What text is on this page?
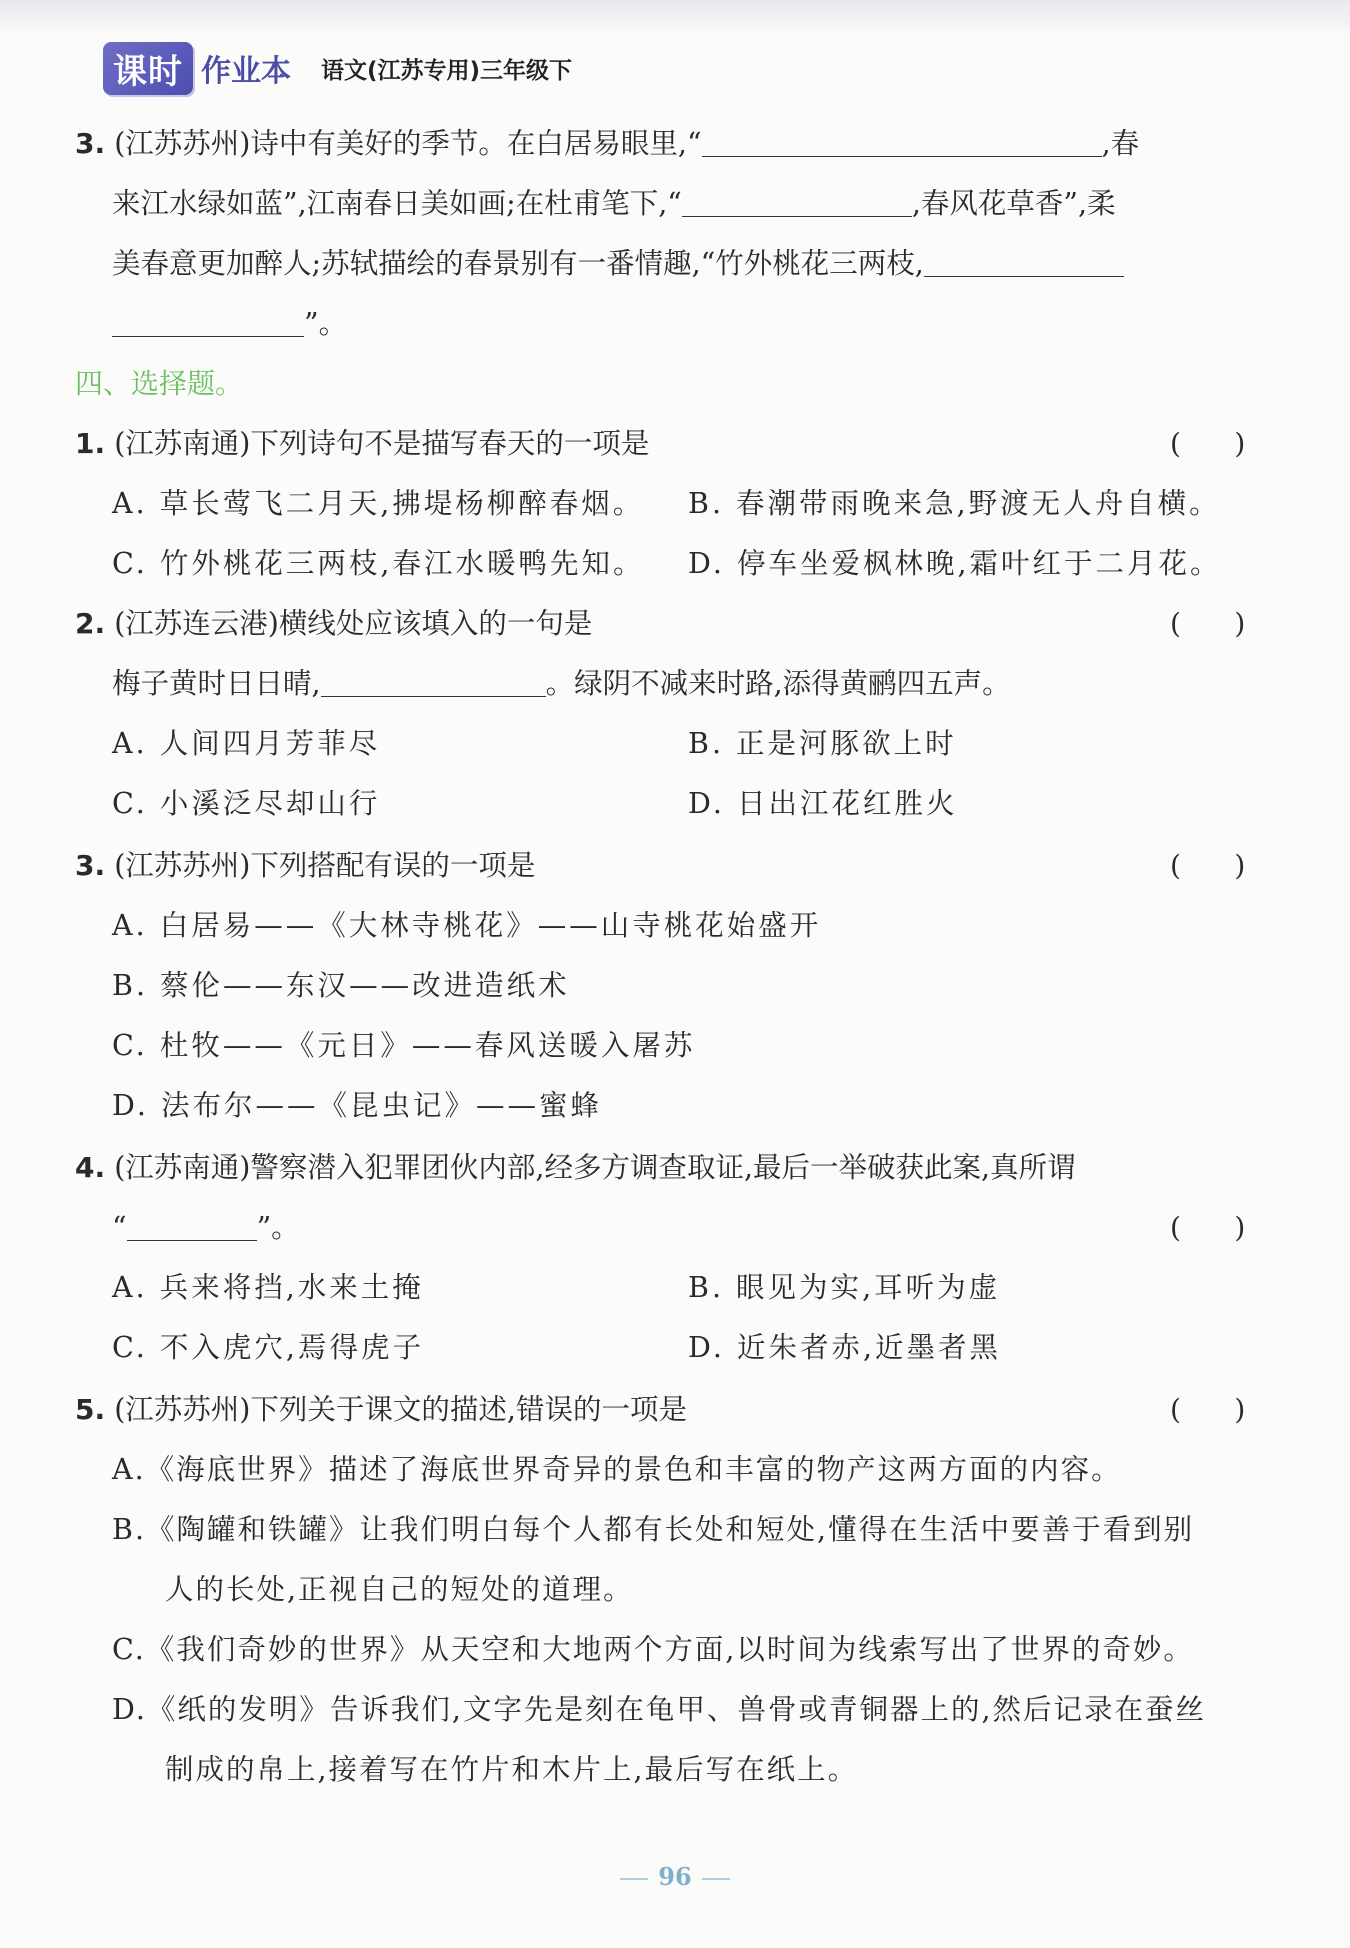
课时 作业本 语文(江苏专用)三年级下
3. (江苏苏州)诗中有美好的季节。在白居易眼里,“	,春
来江水绿如蓝”,江南春日美如画;在杜甫笔下,“	,春风花草香”,柔
美春意更加醉人;苏轼描绘的春景别有一番情趣,“竹外桃花三两枝,
”。
四、选择题。
1. (江苏南通)下列诗句不是描写春天的一项是	(      )
A. 草长莺飞二月天,拂堤杨柳醉春烟。 B. 春潮带雨晚来急,野渡无人舟自横。
C. 竹外桃花三两枝,春江水暖鸭先知。 D. 停车坐爱枫林晚,霜叶红于二月花。
2. (江苏连云港)横线处应该填入的一句是	(      )
梅子黄时日日晴,	。绿阴不减来时路,添得黄鹂四五声。
A. 人间四月芳菲尽	B. 正是河豚欲上时
C. 小溪泛尽却山行	D. 日出江花红胜火
3. (江苏苏州)下列搭配有误的一项是	(      )
A. 白居易——《大林寺桃花》——山寺桃花始盛开
B. 蔡伦——东汉——改进造纸术
C. 杜牧——《元日》——春风送暖入屠苏
D. 法布尔——《昆虫记》——蜜蜂
4. (江苏南通)警察潜入犯罪团伙内部,经多方调查取证,最后一举破获此案,真所谓
“	”。	(      )
A. 兵来将挡,水来土掩	B. 眼见为实,耳听为虚
C. 不入虎穴,焉得虎子	D. 近朱者赤,近墨者黑
5. (江苏苏州)下列关于课文的描述,错误的一项是	(      )
A.《海底世界》描述了海底世界奇异的景色和丰富的物产这两方面的内容。
B.《陶罐和铁罐》让我们明白每个人都有长处和短处,懂得在生活中要善于看到别
人的长处,正视自己的短处的道理。
C.《我们奇妙的世界》从天空和大地两个方面,以时间为线索写出了世界的奇妙。
D.《纸的发明》告诉我们,文字先是刻在龟甲、兽骨或青铜器上的,然后记录在蚕丝
制成的帛上,接着写在竹片和木片上,最后写在纸上。
96
